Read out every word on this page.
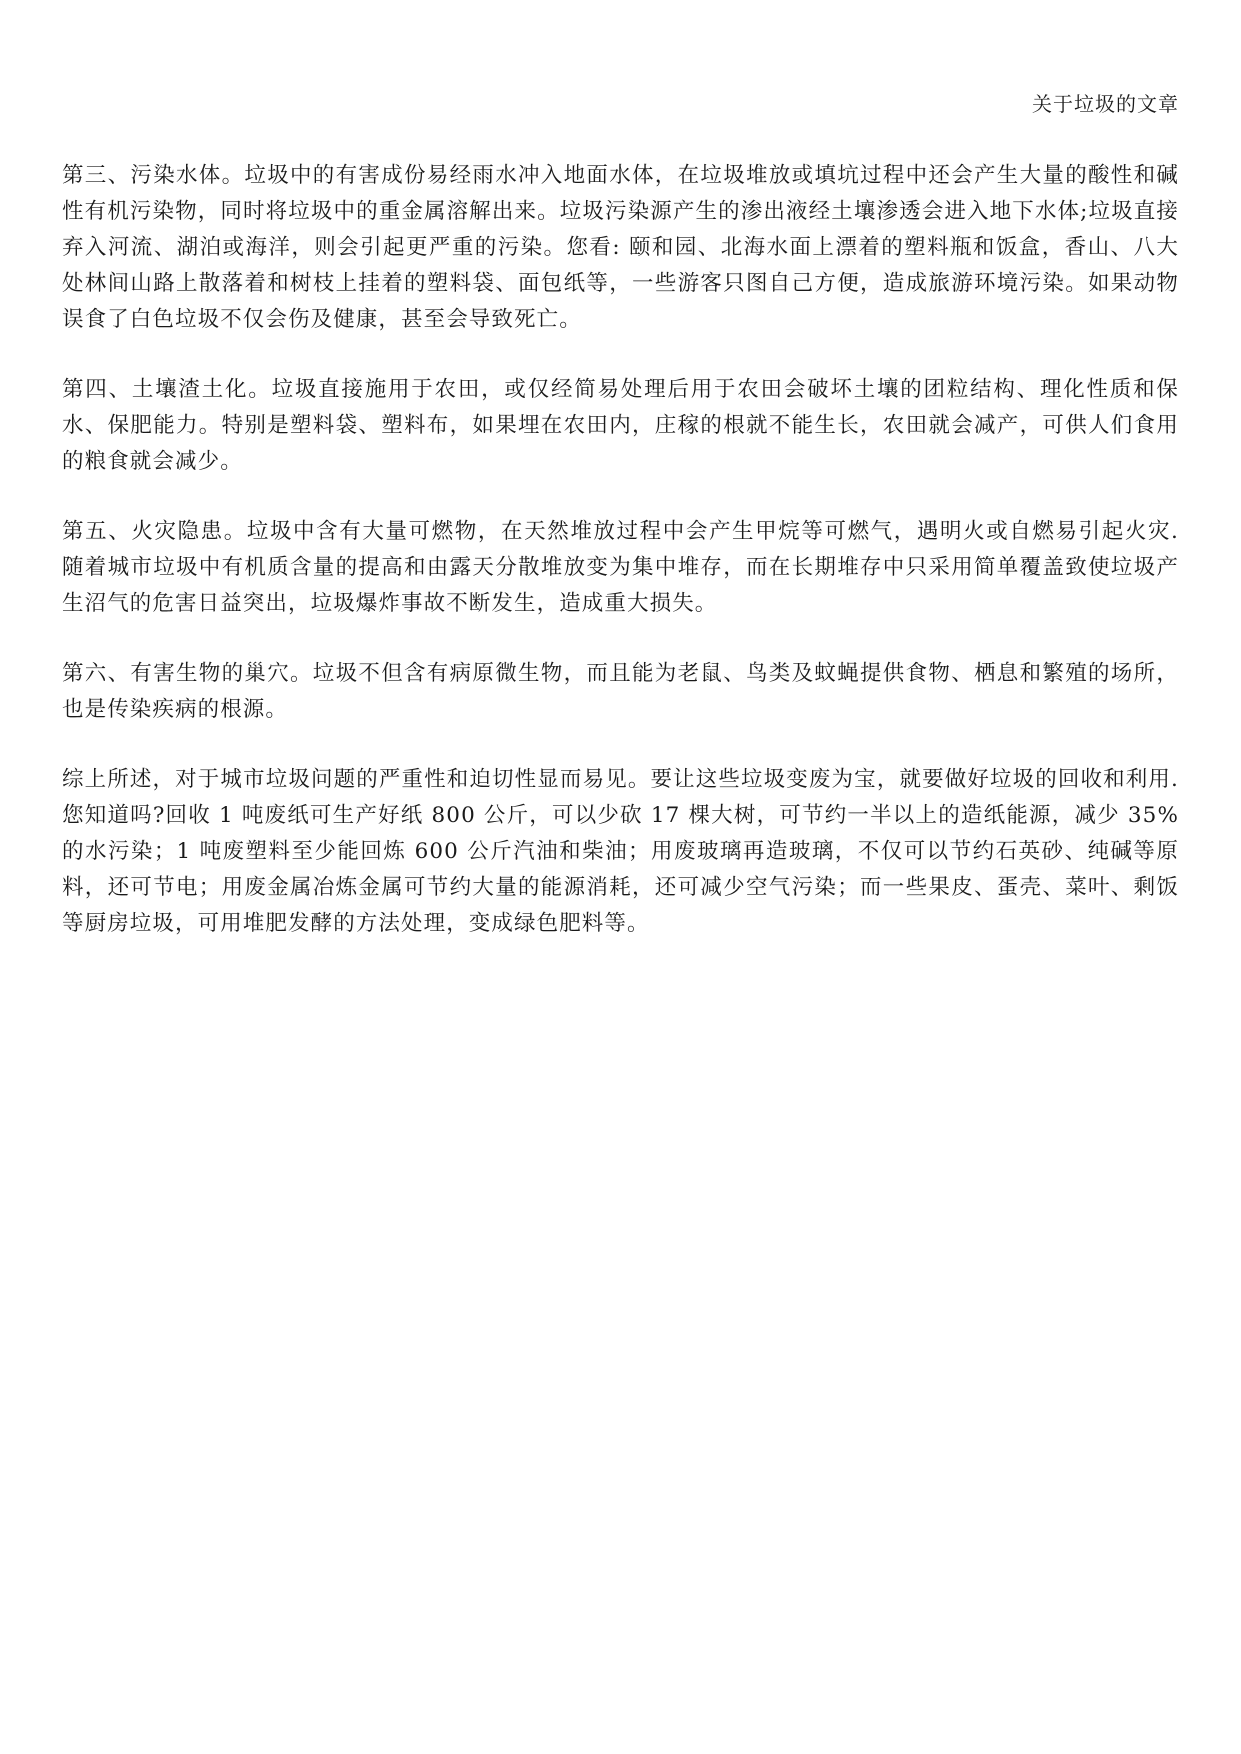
关于垃圾的文章

第三、污染水体。垃圾中的有害成份易经雨水冲入地面水体，在垃圾堆放或填坑过程中还会产生大量的酸性和碱性有机污染物，同时将垃圾中的重金属溶解出来。垃圾污染源产生的渗出液经土壤渗透会进入地下水体;垃圾直接弃入河流、湖泊或海洋，则会引起更严重的污染。您看: 颐和园、北海水面上漂着的塑料瓶和饭盒，香山、八大处林间山路上散落着和树枝上挂着的塑料袋、面包纸等，一些游客只图自己方便，造成旅游环境污染。如果动物误食了白色垃圾不仅会伤及健康，甚至会导致死亡。

第四、土壤渣土化。垃圾直接施用于农田，或仅经简易处理后用于农田会破坏土壤的团粒结构、理化性质和保水、保肥能力。特别是塑料袋、塑料布，如果埋在农田内，庄稼的根就不能生长，农田就会减产，可供人们食用的粮食就会减少。

第五、火灾隐患。垃圾中含有大量可燃物，在天然堆放过程中会产生甲烷等可燃气，遇明火或自燃易引起火灾. 随着城市垃圾中有机质含量的提高和由露天分散堆放变为集中堆存，而在长期堆存中只采用简单覆盖致使垃圾产生沼气的危害日益突出，垃圾爆炸事故不断发生，造成重大损失。

第六、有害生物的巢穴。垃圾不但含有病原微生物，而且能为老鼠、鸟类及蚊蝇提供食物、栖息和繁殖的场所，也是传染疾病的根源。

综上所述，对于城市垃圾问题的严重性和迫切性显而易见。要让这些垃圾变废为宝，就要做好垃圾的回收和利用. 您知道吗?回收 1 吨废纸可生产好纸 800 公斤，可以少砍 17 棵大树，可节约一半以上的造纸能源，减少 35%的水污染；1 吨废塑料至少能回炼 600 公斤汽油和柴油；用废玻璃再造玻璃，不仅可以节约石英砂、纯碱等原料，还可节电；用废金属冶炼金属可节约大量的能源消耗，还可减少空气污染；而一些果皮、蛋壳、菜叶、剩饭等厨房垃圾，可用堆肥发酵的方法处理，变成绿色肥料等。
